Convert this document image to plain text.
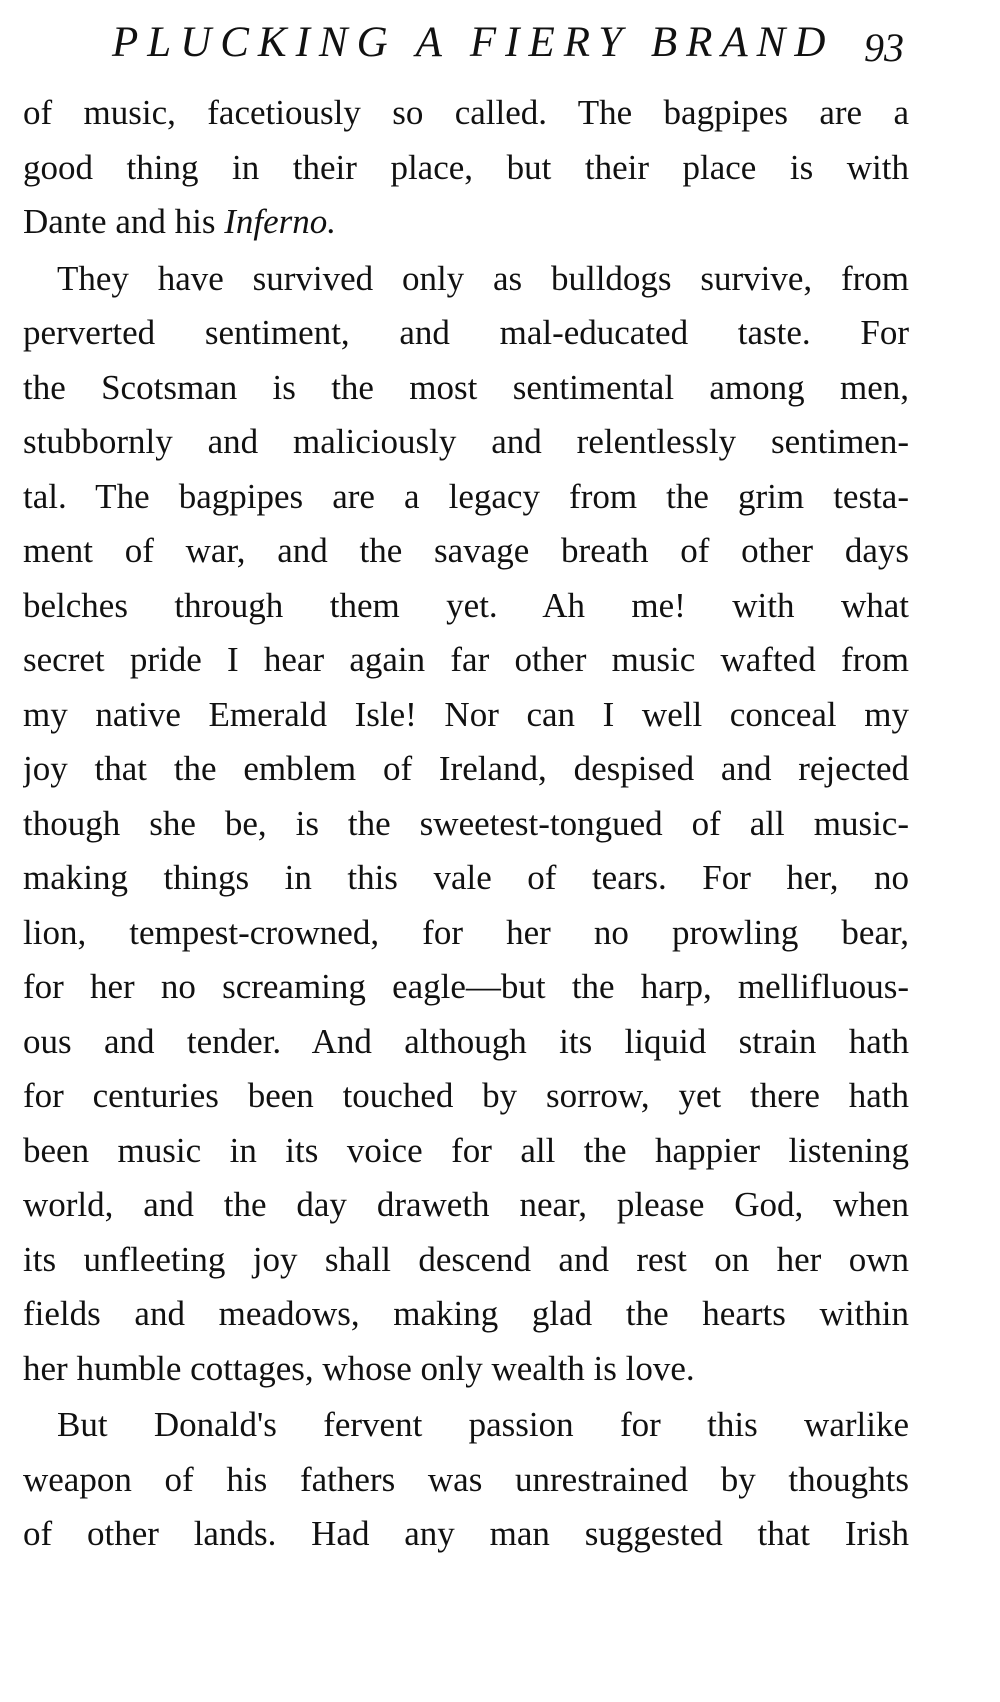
PLUCKING A FIERY BRAND 93
of music, facetiously so called. The bagpipes are a
good thing in their place, but their place is with
Dante and his Inferno.
They have survived only as bulldogs survive, from
perverted sentiment, and mal-educated taste. For
the Scotsman is the most sentimental among men,
stubbornly and maliciously and relentlessly sentimen-
tal. The bagpipes are a legacy from the grim testa-
ment of war, and the savage breath of other days
belches through them yet. Ah me! with what
secret pride I hear again far other music wafted from
my native Emerald Isle! Nor can I well conceal my
joy that the emblem of Ireland, despised and rejected
though she be, is the sweetest-tongued of all music-
making things in this vale of tears. For her, no
lion, tempest-crowned, for her no prowling bear,
for her no screaming eagle—but the harp, mellifluous-
ous and tender. And although its liquid strain hath
for centuries been touched by sorrow, yet there hath
been music in its voice for all the happier listening
world, and the day draweth near, please God, when
its unfleeting joy shall descend and rest on her own
fields and meadows, making glad the hearts within
her humble cottages, whose only wealth is love.
But Donald's fervent passion for this warlike
weapon of his fathers was unrestrained by thoughts
of other lands. Had any man suggested that Irish
